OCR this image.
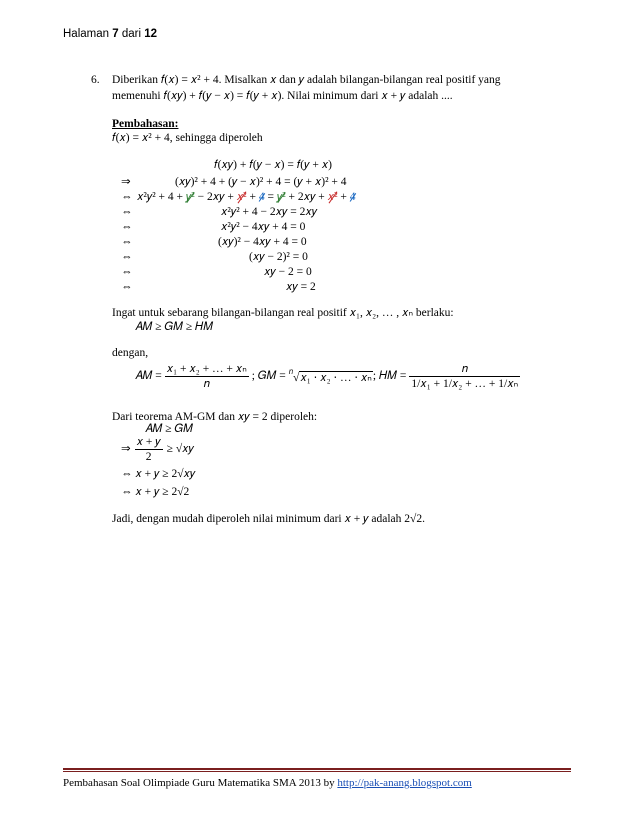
Halaman 7 dari 12
6. Diberikan 𝑓(𝑥) = 𝑥² + 4. Misalkan 𝑥 dan 𝑦 adalah bilangan-bilangan real positif yang
memenuhi 𝑓(𝑥𝑦) + 𝑓(𝑦 − 𝑥) = 𝑓(𝑦 + 𝑥). Nilai minimum dari 𝑥 + 𝑦 adalah ....
Pembahasan:
𝑓(𝑥) = 𝑥² + 4, sehingga diperoleh
𝑓(𝑥𝑦) + 𝑓(𝑦 − 𝑥) = 𝑓(𝑦 + 𝑥)
⇒	(𝑥𝑦)² + 4 + (𝑦 − 𝑥)² + 4 = (𝑦 + 𝑥)² + 4
⇔ 𝑥²𝑦² + 4 + 𝑦² − 2𝑥𝑦 + 𝑥² + 4 = 𝑦² + 2𝑥𝑦 + 𝑥² + 4
⇔	𝑥²𝑦² + 4 − 2𝑥𝑦 = 2𝑥𝑦
⇔	𝑥²𝑦² − 4𝑥𝑦 + 4 = 0
⇔	(𝑥𝑦)² − 4𝑥𝑦 + 4 = 0
⇔	(𝑥𝑦 − 2)² = 0
⇔	𝑥𝑦 − 2 = 0
⇔	𝑥𝑦 = 2
Ingat untuk sebarang bilangan-bilangan real positif 𝑥₁, 𝑥₂, … , 𝑥ₙ berlaku:
𝐴𝑀 ≥ 𝐺𝑀 ≥ 𝐻𝑀
dengan,
𝐴𝑀 = $\frac{\text{𝑥₁ + 𝑥₂ + … + 𝑥ₙ}}{\text{𝑛}}$ ; 𝐺𝑀 = $^𝑛$√𝑥₁ ⋅ 𝑥₂ ⋅ … ⋅ 𝑥ₙ ; 𝐻𝑀 = $\frac{\text{𝑛}}{\text{1/𝑥₁ + 1/𝑥₂ + … + 1/𝑥ₙ}}$
Dari teorema AM-GM dan 𝑥𝑦 = 2 diperoleh:
𝐴𝑀 ≥ 𝐺𝑀
⇒ $\frac{\text{𝑥 + 𝑦}}{2}$ ≥ √𝑥𝑦
⇔ 𝑥 + 𝑦 ≥ 2√𝑥𝑦
⇔ 𝑥 + 𝑦 ≥ 2√2
Jadi, dengan mudah diperoleh nilai minimum dari 𝑥 + 𝑦 adalah 2√2.
Pembahasan Soal Olimpiade Guru Matematika SMA 2013 by http://pak-anang.blogspot.com
